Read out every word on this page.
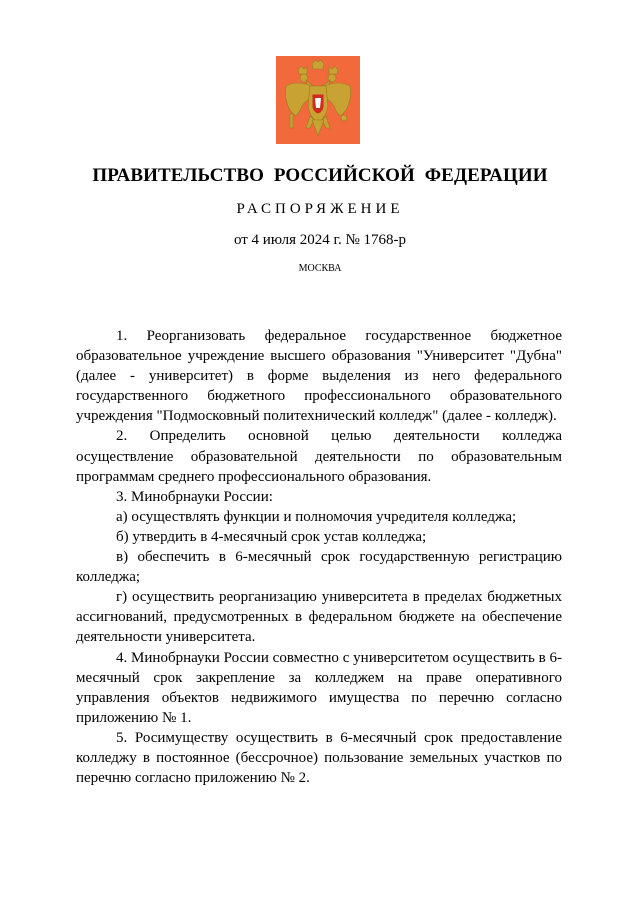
ПРАВИТЕЛЬСТВО РОССИЙСКОЙ ФЕДЕРАЦИИ
РАСПОРЯЖЕНИЕ
от 4 июля 2024 г. № 1768-р
МОСКВА

1. Реорганизовать федеральное государственное бюджетное образовательное учреждение высшего образования "Университет "Дубна" (далее - университет) в форме выделения из него федерального государственного бюджетного профессионального образовательного учреждения "Подмосковный политехнический колледж" (далее - колледж).

2. Определить основной целью деятельности колледжа осуществление образовательной деятельности по образовательным программам среднего профессионального образования.

3. Минобрнауки России:

а) осуществлять функции и полномочия учредителя колледжа;

б) утвердить в 4-месячный срок устав колледжа;

в) обеспечить в 6-месячный срок государственную регистрацию колледжа;

г) осуществить реорганизацию университета в пределах бюджетных ассигнований, предусмотренных в федеральном бюджете на обеспечение деятельности университета.

4. Минобрнауки России совместно с университетом осуществить в 6-месячный срок закрепление за колледжем на праве оперативного управления объектов недвижимого имущества по перечню согласно приложению № 1.

5. Росимуществу осуществить в 6-месячный срок предоставление колледжу в постоянное (бессрочное) пользование земельных участков по перечню согласно приложению № 2.
